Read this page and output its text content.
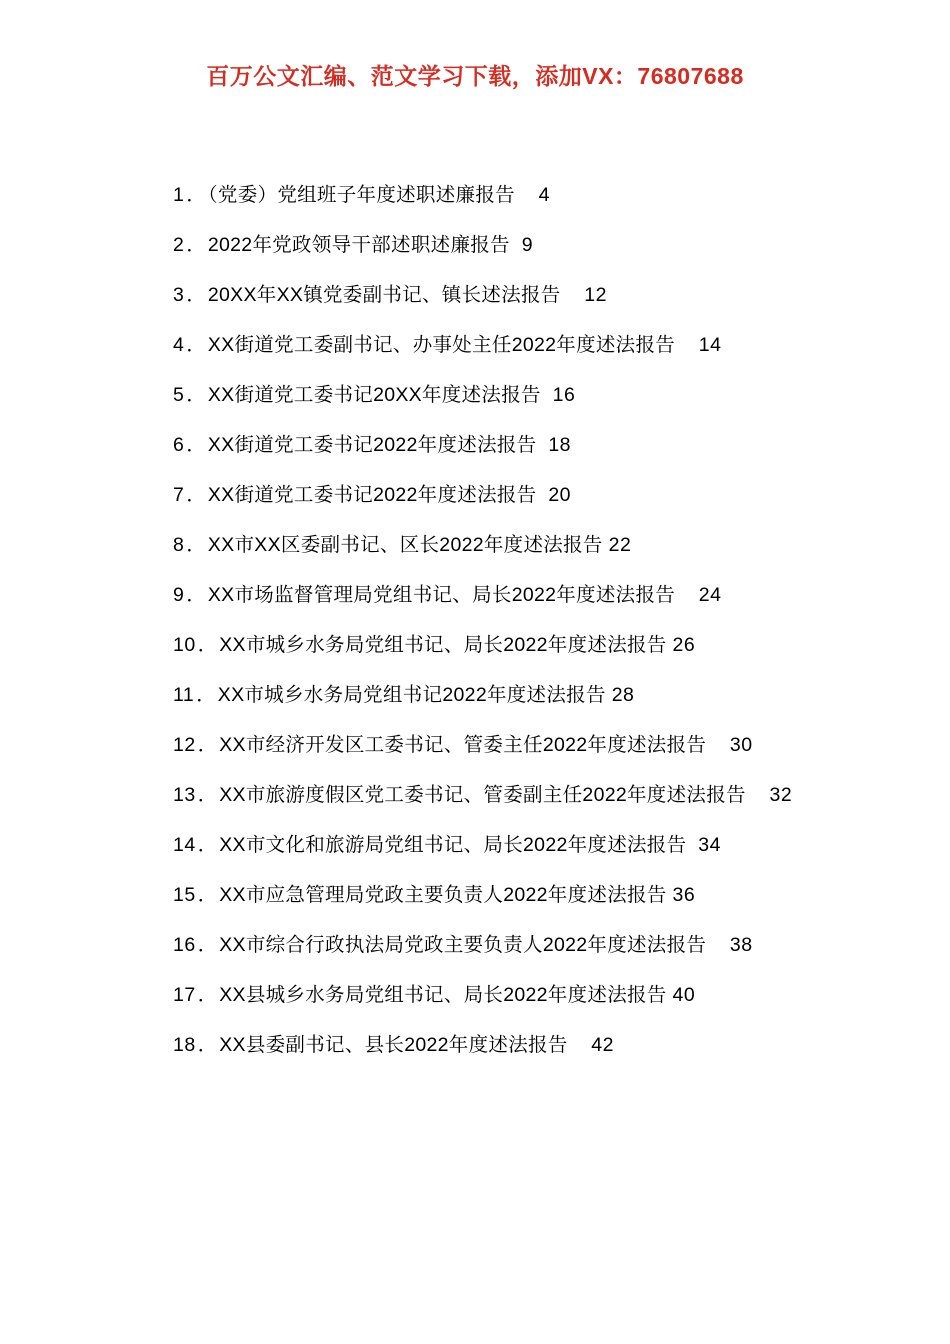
百万公文汇编、范文学习下载，添加VX：76807688
1 ． （党委）党组班子年度述职述廉报告 4
2 ． 2022年党政领导干部述职述廉报告 9
3 ． 20XX年XX镇党委副书记、镇长述法报告 12
4 ． XX街道党工委副书记、办事处主任2022年度述法报告 14
5 ． XX街道党工委书记20XX年度述法报告 16
6 ． XX街道党工委书记2022年度述法报告 18
7 ． XX街道党工委书记2022年度述法报告 20
8 ． XX市XX区委副书记、区长2022年度述法报告 22
9 ． XX市场监督管理局党组书记、局长2022年度述法报告 24
10 ． XX市城乡水务局党组书记、局长2022年度述法报告 26
11 ． XX市城乡水务局党组书记2022年度述法报告 28
12 ． XX市经济开发区工委书记、管委主任2022年度述法报告 30
13 ． XX市旅游度假区党工委书记、管委副主任2022年度述法报告 32
14 ． XX市文化和旅游局党组书记、局长2022年度述法报告 34
15 ． XX市应急管理局党政主要负责人2022年度述法报告 36
16 ． XX市综合行政执法局党政主要负责人2022年度述法报告 38
17 ． XX县城乡水务局党组书记、局长2022年度述法报告 40
18 ． XX县委副书记、县长2022年度述法报告 42
